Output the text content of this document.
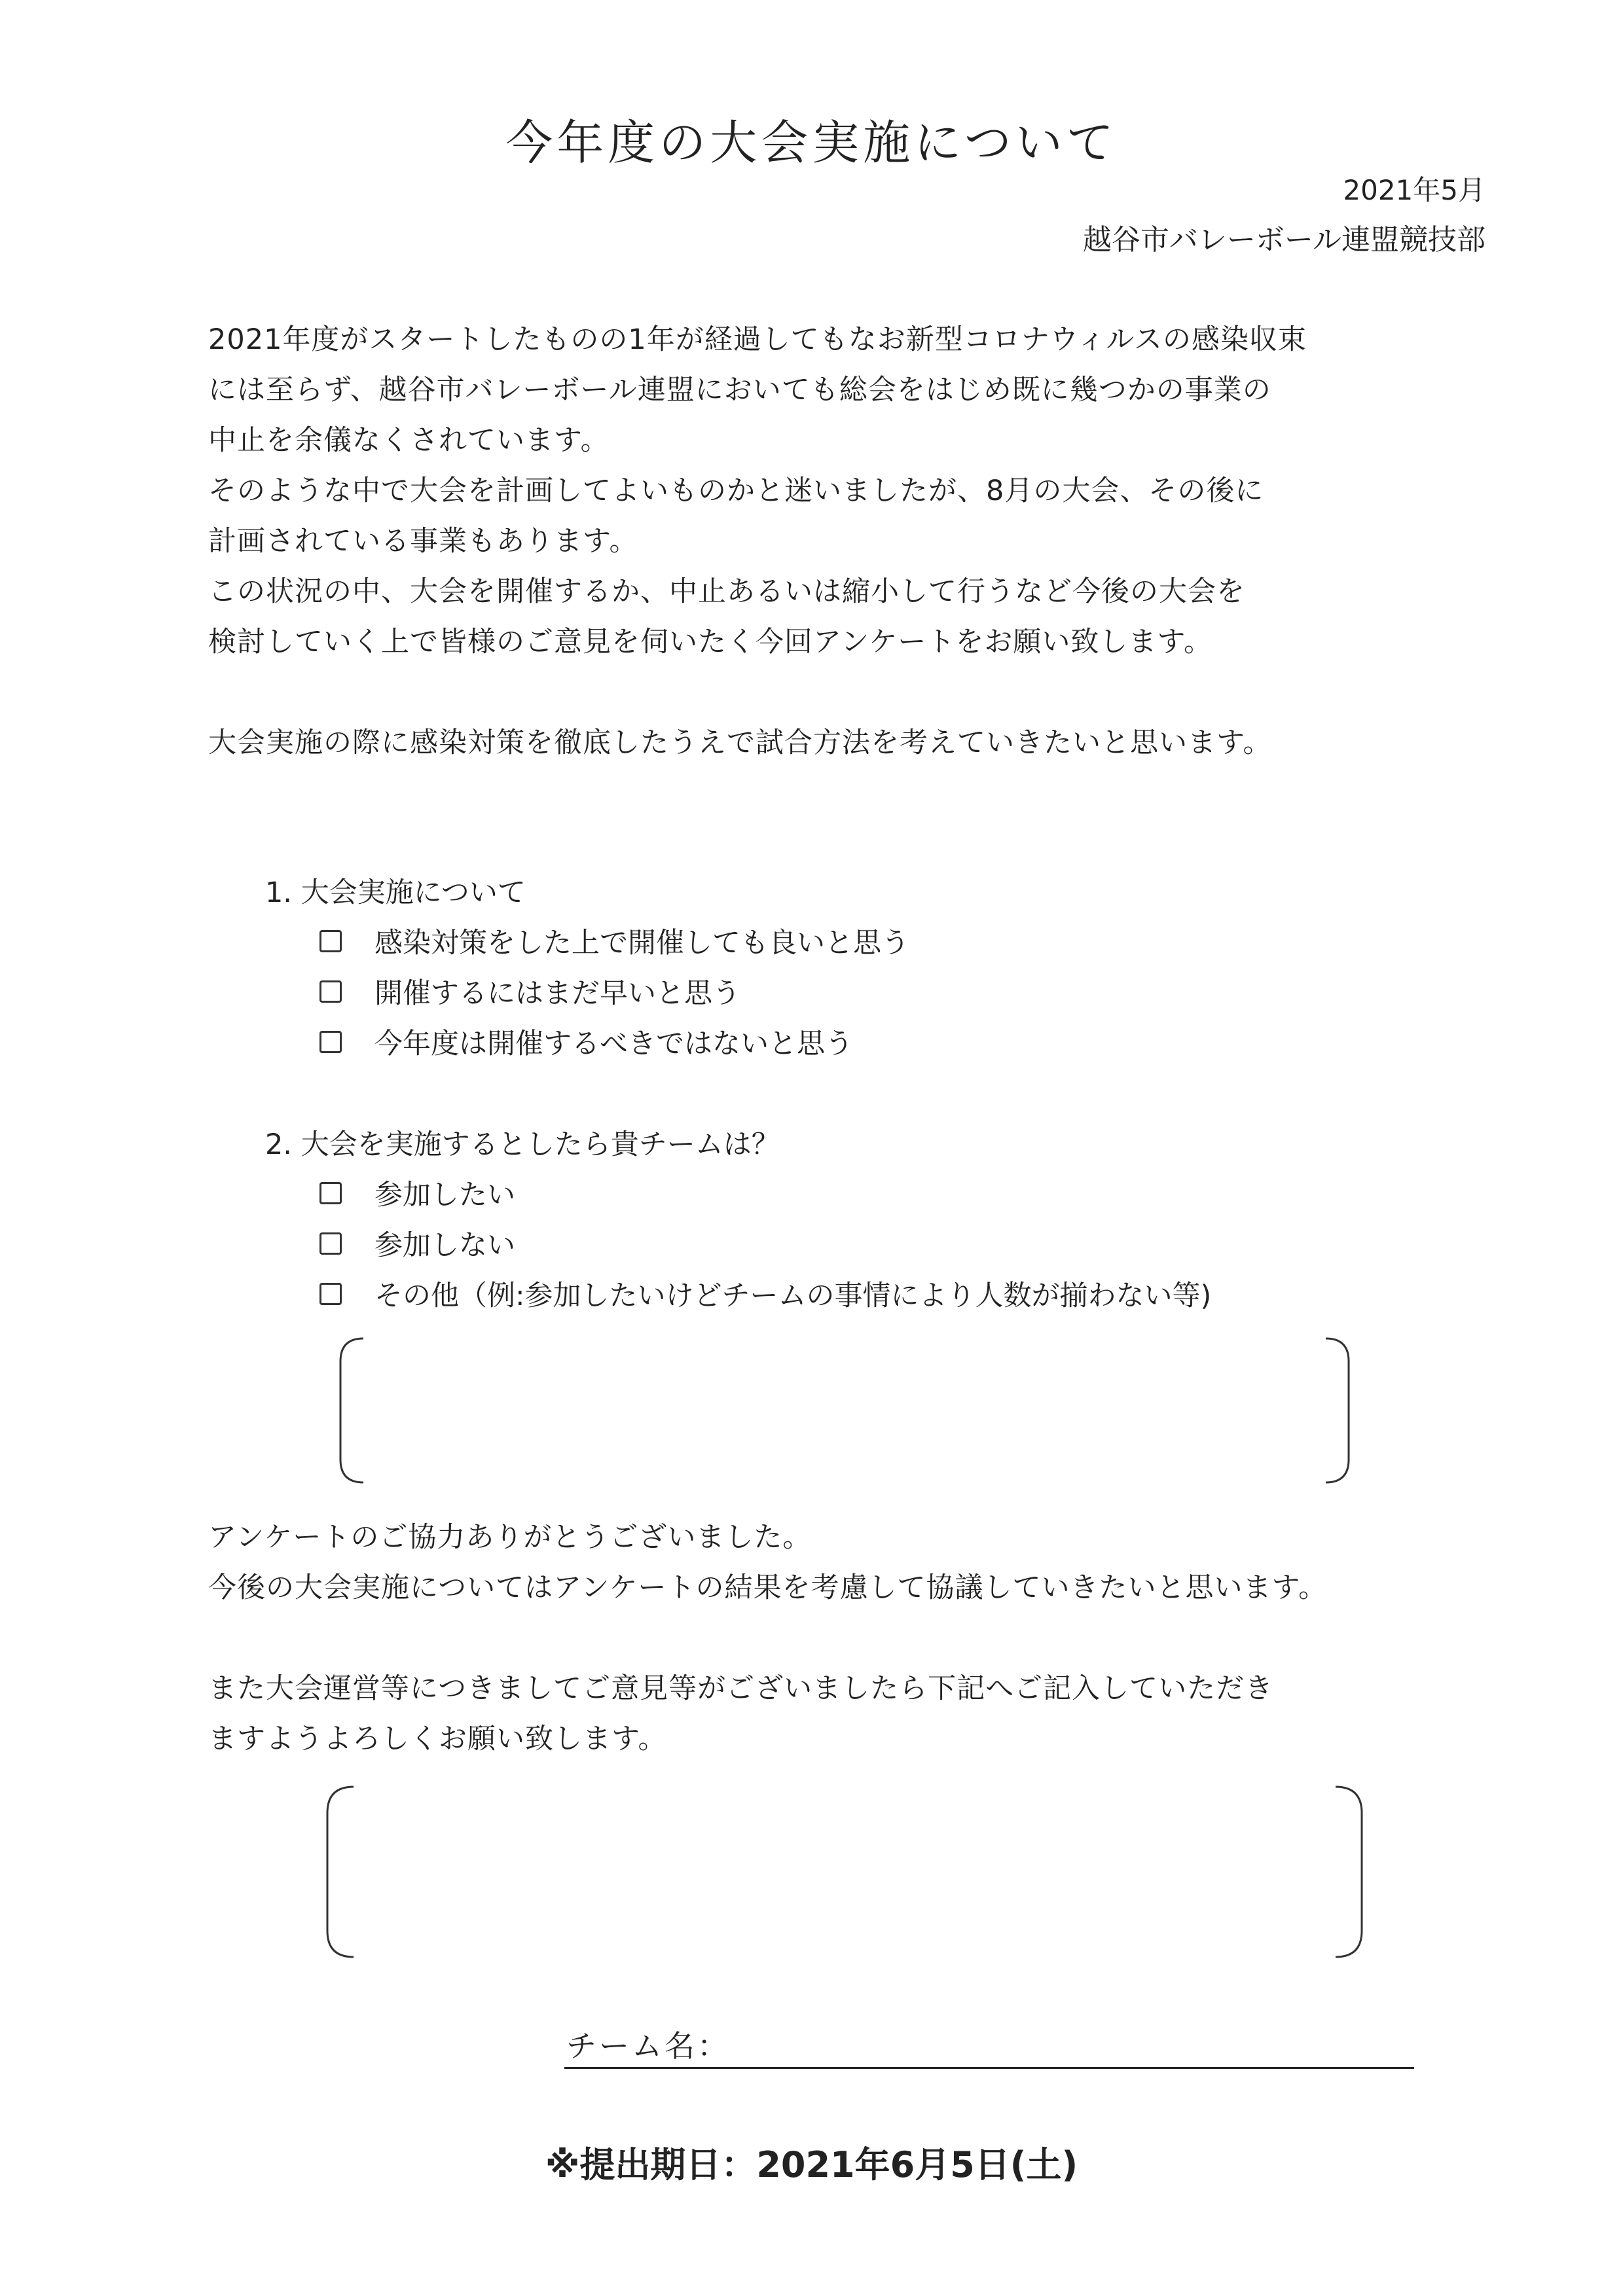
今年度の大会実施について
2021年5月
越谷市バレーボール連盟競技部
2021年度がスタートしたものの1年が経過してもなお新型コロナウィルスの感染収束
には至らず、越谷市バレーボール連盟においても総会をはじめ既に幾つかの事業の
中止を余儀なくされています。
そのような中で大会を計画してよいものかと迷いましたが、8月の大会、その後に
計画されている事業もあります。
この状況の中、大会を開催するか、中止あるいは縮小して行うなど今後の大会を
検討していく上で皆様のご意見を伺いたく今回アンケートをお願い致します。
大会実施の際に感染対策を徹底したうえで試合方法を考えていきたいと思います。
1. 大会実施について
感染対策をした上で開催しても良いと思う
開催するにはまだ早いと思う
今年度は開催するべきではないと思う
2. 大会を実施するとしたら貴チームは？
参加したい
参加しない
その他（例:参加したいけどチームの事情により人数が揃わない等)
アンケートのご協力ありがとうございました。
今後の大会実施についてはアンケートの結果を考慮して協議していきたいと思います。
また大会運営等につきましてご意見等がございましたら下記へご記入していただき
ますようよろしくお願い致します。
チーム名：
※提出期日：2021年6月5日(土)
